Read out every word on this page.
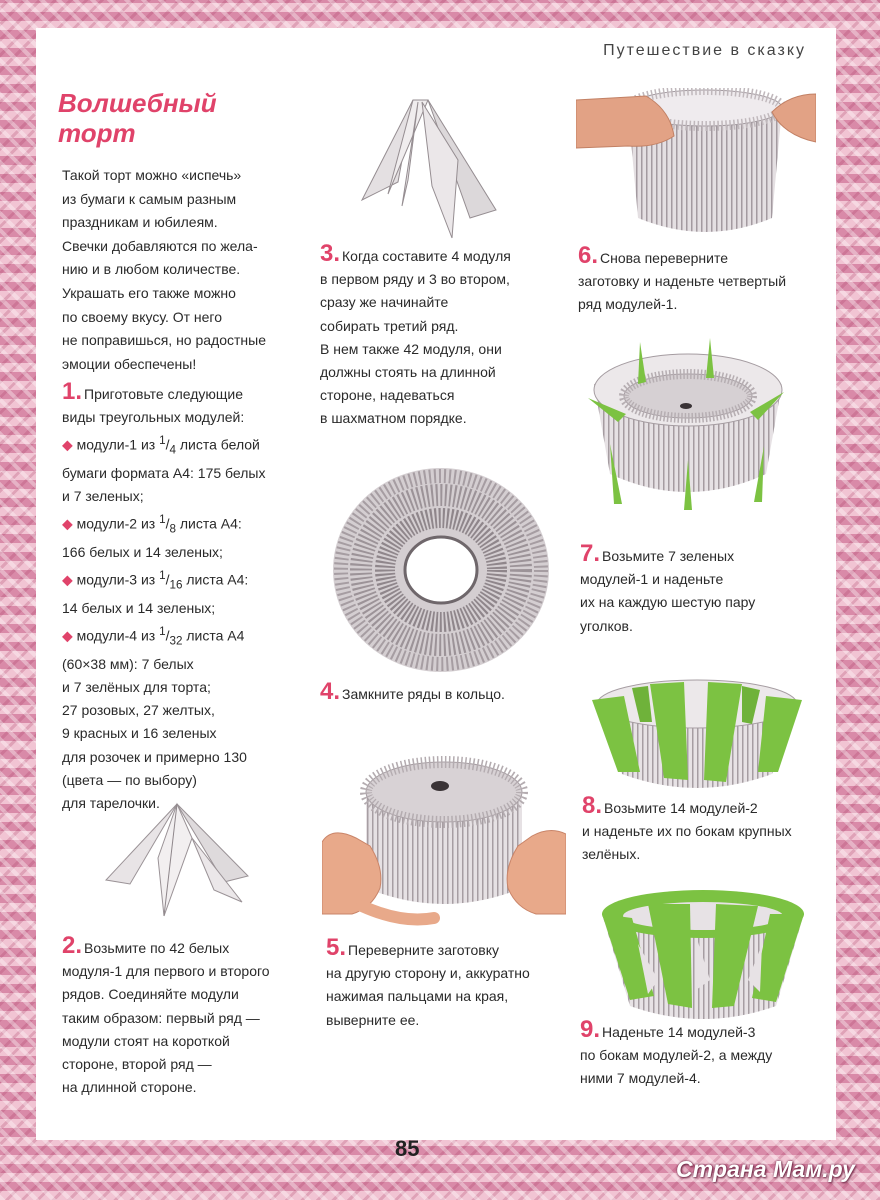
Путешествие в сказку
Волшебный
торт
Такой торт можно «испечь»
из бумаги к самым разным
праздникам и юбилеям.
Свечки добавляются по жела-
нию и в любом количестве.
Украшать его также можно
по своему вкусу. От него
не поправишься, но радостные
эмоции обеспечены!
1. Приготовьте следующие
виды треугольных модулей:
◆ модули-1 из $^1/_4$ листа белой
бумаги формата А4: 175 белых
и 7 зеленых;
◆ модули-2 из $^1/_8$ листа А4:
166 белых и 14 зеленых;
◆ модули-3 из $^1/_{16}$ листа А4:
14 белых и 14 зеленых;
◆ модули-4 из $^1/_{32}$ листа А4
(60×38 мм): 7 белых
и 7 зелёных для торта;
27 розовых, 27 желтых,
9 красных и 16 зеленых
для розочек и примерно 130
(цвета — по выбору)
для тарелочки.
2. Возьмите по 42 белых
модуля-1 для первого и второго
рядов. Соединяйте модули
таким образом: первый ряд —
модули стоят на короткой
стороне, второй ряд —
на длинной стороне.
3. Когда составите 4 модуля
в первом ряду и 3 во втором,
сразу же начинайте
собирать третий ряд.
В нем также 42 модуля, они
должны стоять на длинной
стороне, надеваться
в шахматном порядке.
4. Замкните ряды в кольцо.
5. Переверните заготовку
на другую сторону и, аккуратно
нажимая пальцами на края,
выверните ее.
6. Снова переверните
заготовку и наденьте четвертый
ряд модулей-1.
7. Возьмите 7 зеленых
модулей-1 и наденьте
их на каждую шестую пару
уголков.
8. Возьмите 14 модулей-2
и наденьте их по бокам крупных
зелёных.
9. Наденьте 14 модулей-3
по бокам модулей-2, а между
ними 7 модулей-4.
85
Страна Мам.ру
